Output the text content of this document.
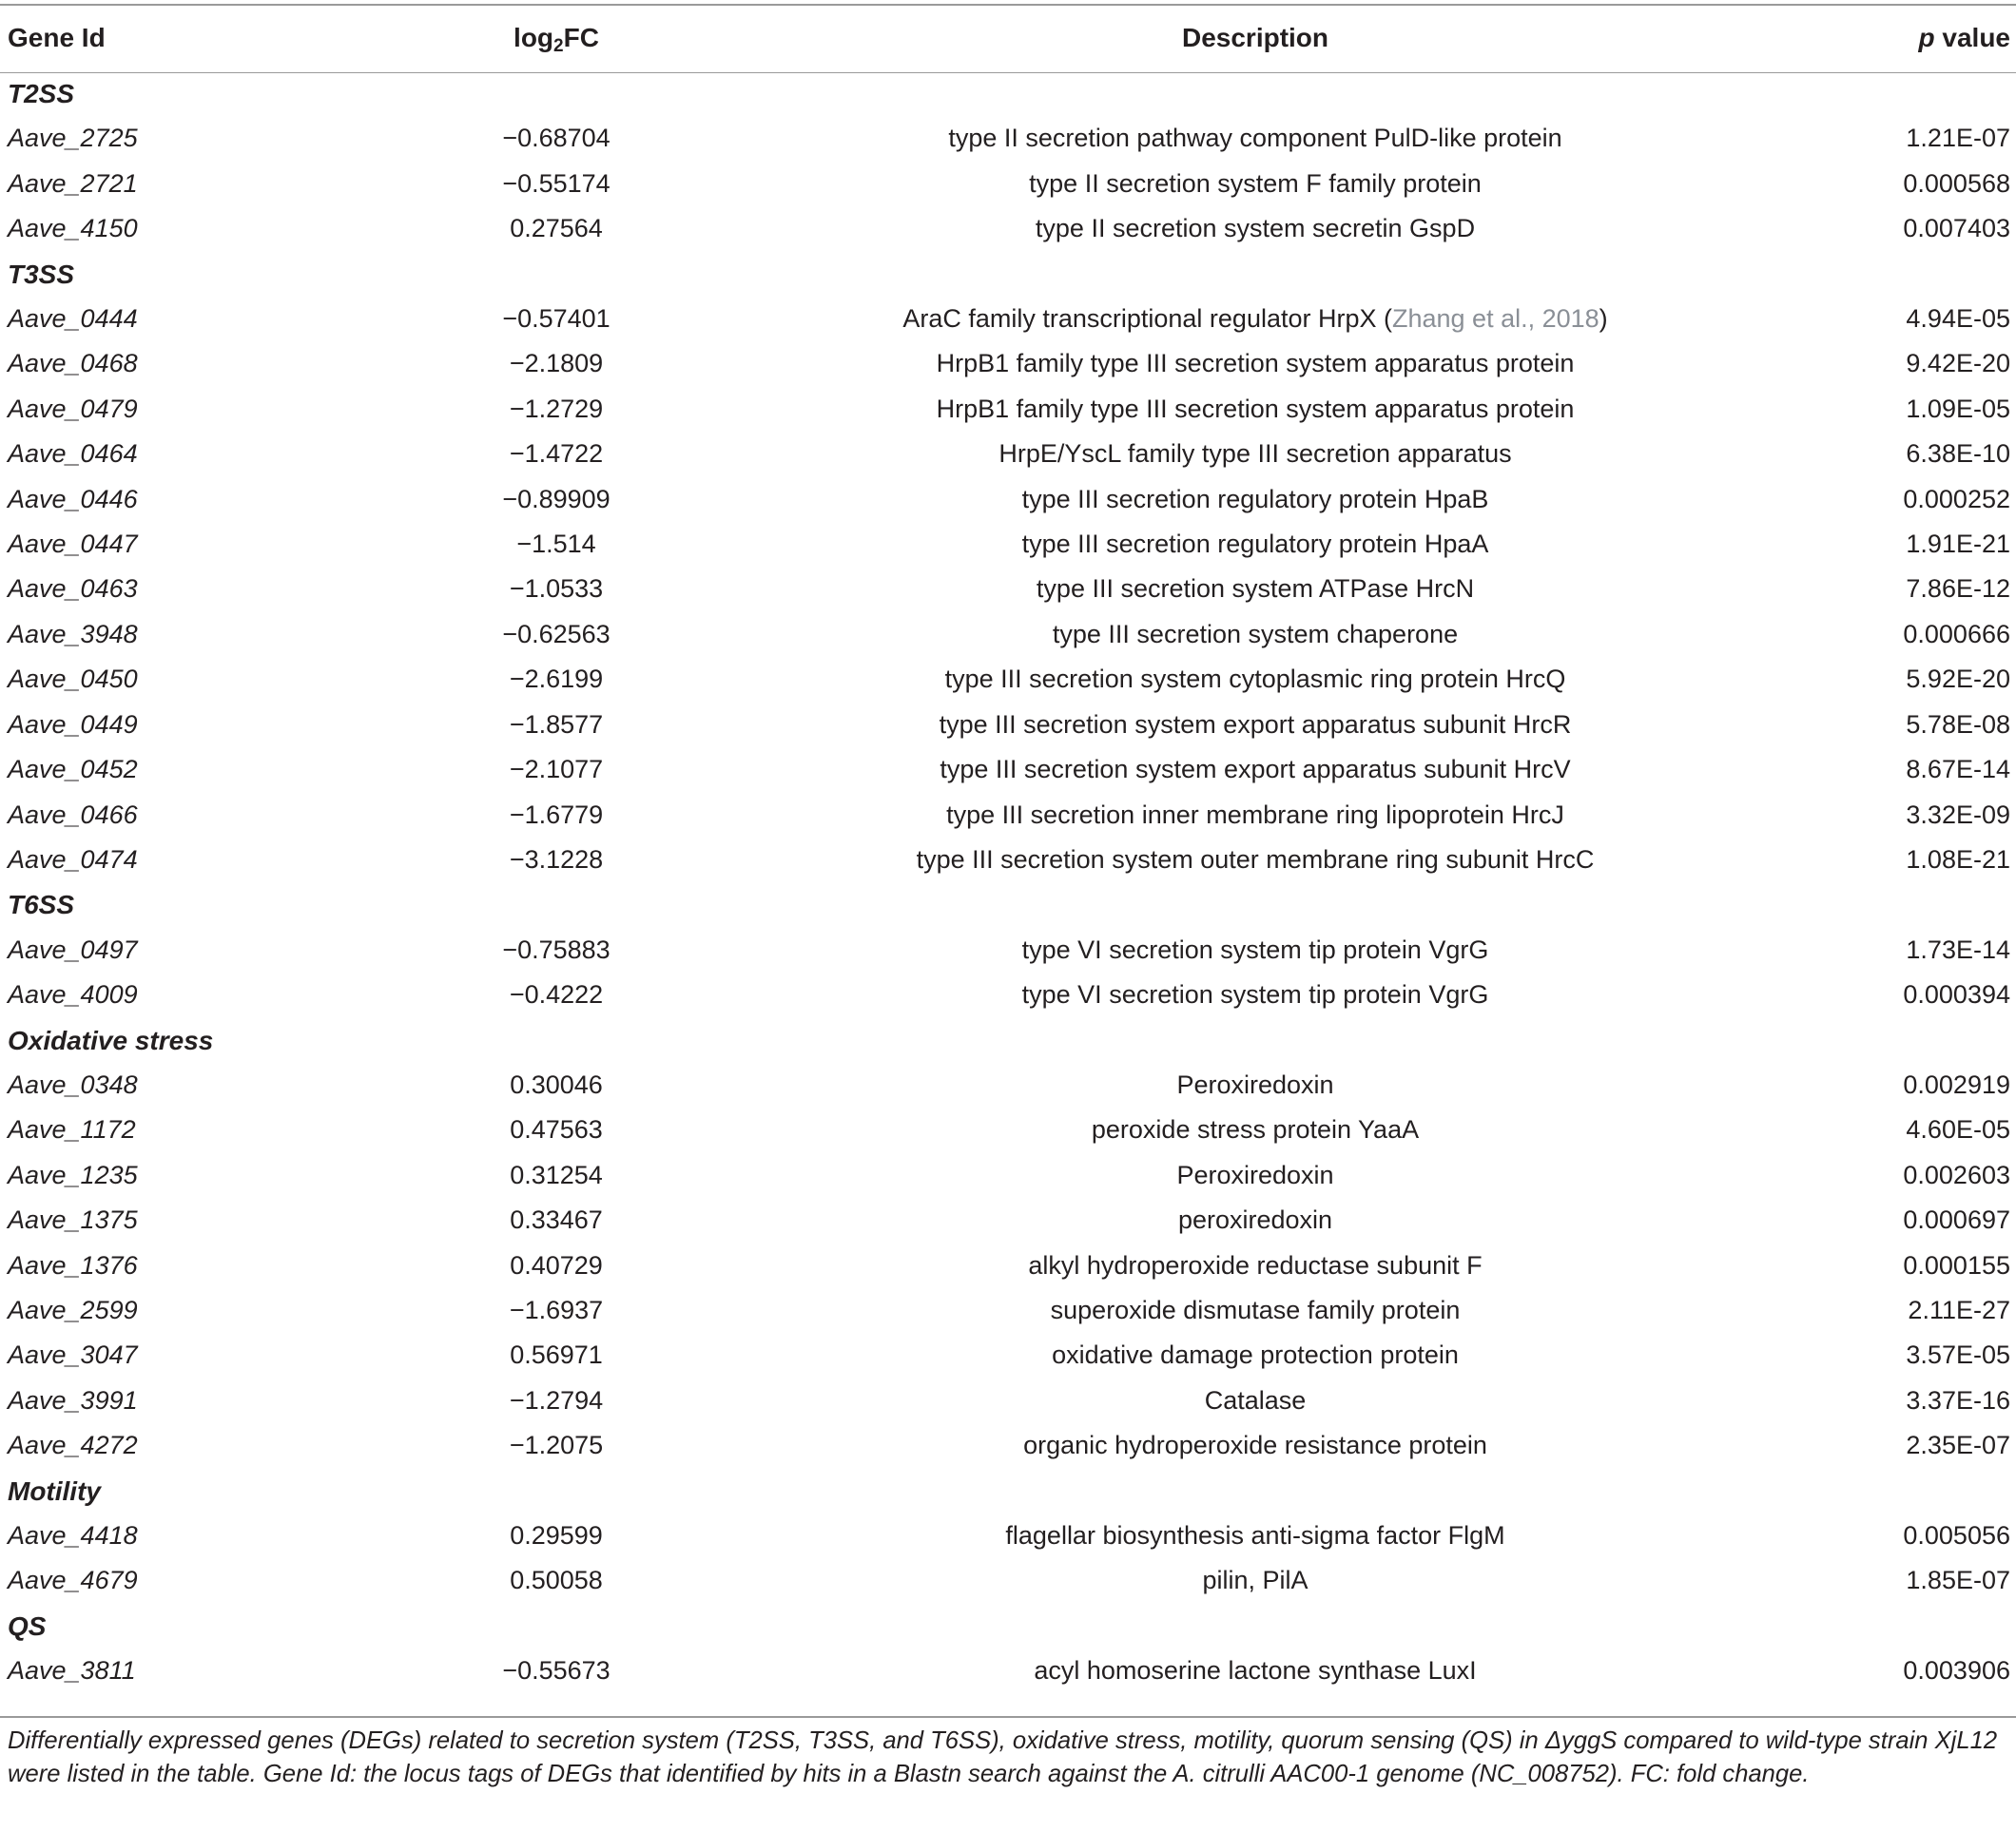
Gene Id	$\log_2FC$	Description	p value
T2SS			
Aave_2725	−0.68704	type II secretion pathway component PulD-like protein	1.21E-07
Aave_2721	−0.55174	type II secretion system F family protein	0.000568
Aave_4150	0.27564	type II secretion system secretin GspD	0.007403
T3SS			
Aave_0444	−0.57401	AraC family transcriptional regulator HrpX (Zhang et al., 2018)	4.94E-05
Aave_0468	−2.1809	HrpB1 family type III secretion system apparatus protein	9.42E-20
Aave_0479	−1.2729	HrpB1 family type III secretion system apparatus protein	1.09E-05
Aave_0464	−1.4722	HrpE/YscL family type III secretion apparatus	6.38E-10
Aave_0446	−0.89909	type III secretion regulatory protein HpaB	0.000252
Aave_0447	−1.514	type III secretion regulatory protein HpaA	1.91E-21
Aave_0463	−1.0533	type III secretion system ATPase HrcN	7.86E-12
Aave_3948	−0.62563	type III secretion system chaperone	0.000666
Aave_0450	−2.6199	type III secretion system cytoplasmic ring protein HrcQ	5.92E-20
Aave_0449	−1.8577	type III secretion system export apparatus subunit HrcR	5.78E-08
Aave_0452	−2.1077	type III secretion system export apparatus subunit HrcV	8.67E-14
Aave_0466	−1.6779	type III secretion inner membrane ring lipoprotein HrcJ	3.32E-09
Aave_0474	−3.1228	type III secretion system outer membrane ring subunit HrcC	1.08E-21
T6SS			
Aave_0497	−0.75883	type VI secretion system tip protein VgrG	1.73E-14
Aave_4009	−0.4222	type VI secretion system tip protein VgrG	0.000394
Oxidative stress			
Aave_0348	0.30046	Peroxiredoxin	0.002919
Aave_1172	0.47563	peroxide stress protein YaaA	4.60E-05
Aave_1235	0.31254	Peroxiredoxin	0.002603
Aave_1375	0.33467	peroxiredoxin	0.000697
Aave_1376	0.40729	alkyl hydroperoxide reductase subunit F	0.000155
Aave_2599	−1.6937	superoxide dismutase family protein	2.11E-27
Aave_3047	0.56971	oxidative damage protection protein	3.57E-05
Aave_3991	−1.2794	Catalase	3.37E-16
Aave_4272	−1.2075	organic hydroperoxide resistance protein	2.35E-07
Motility			
Aave_4418	0.29599	flagellar biosynthesis anti-sigma factor FlgM	0.005056
Aave_4679	0.50058	pilin, PilA	1.85E-07
QS			
Aave_3811	−0.55673	acyl homoserine lactone synthase LuxI	0.003906
Differentially expressed genes (DEGs) related to secretion system (T2SS, T3SS, and T6SS), oxidative stress, motility, quorum sensing (QS) in ΔyggS compared to wild-type strain XjL12 were listed in the table. Gene Id: the locus tags of DEGs that identified by hits in a Blastn search against the A. citrulli AAC00-1 genome (NC_008752). FC: fold change.
